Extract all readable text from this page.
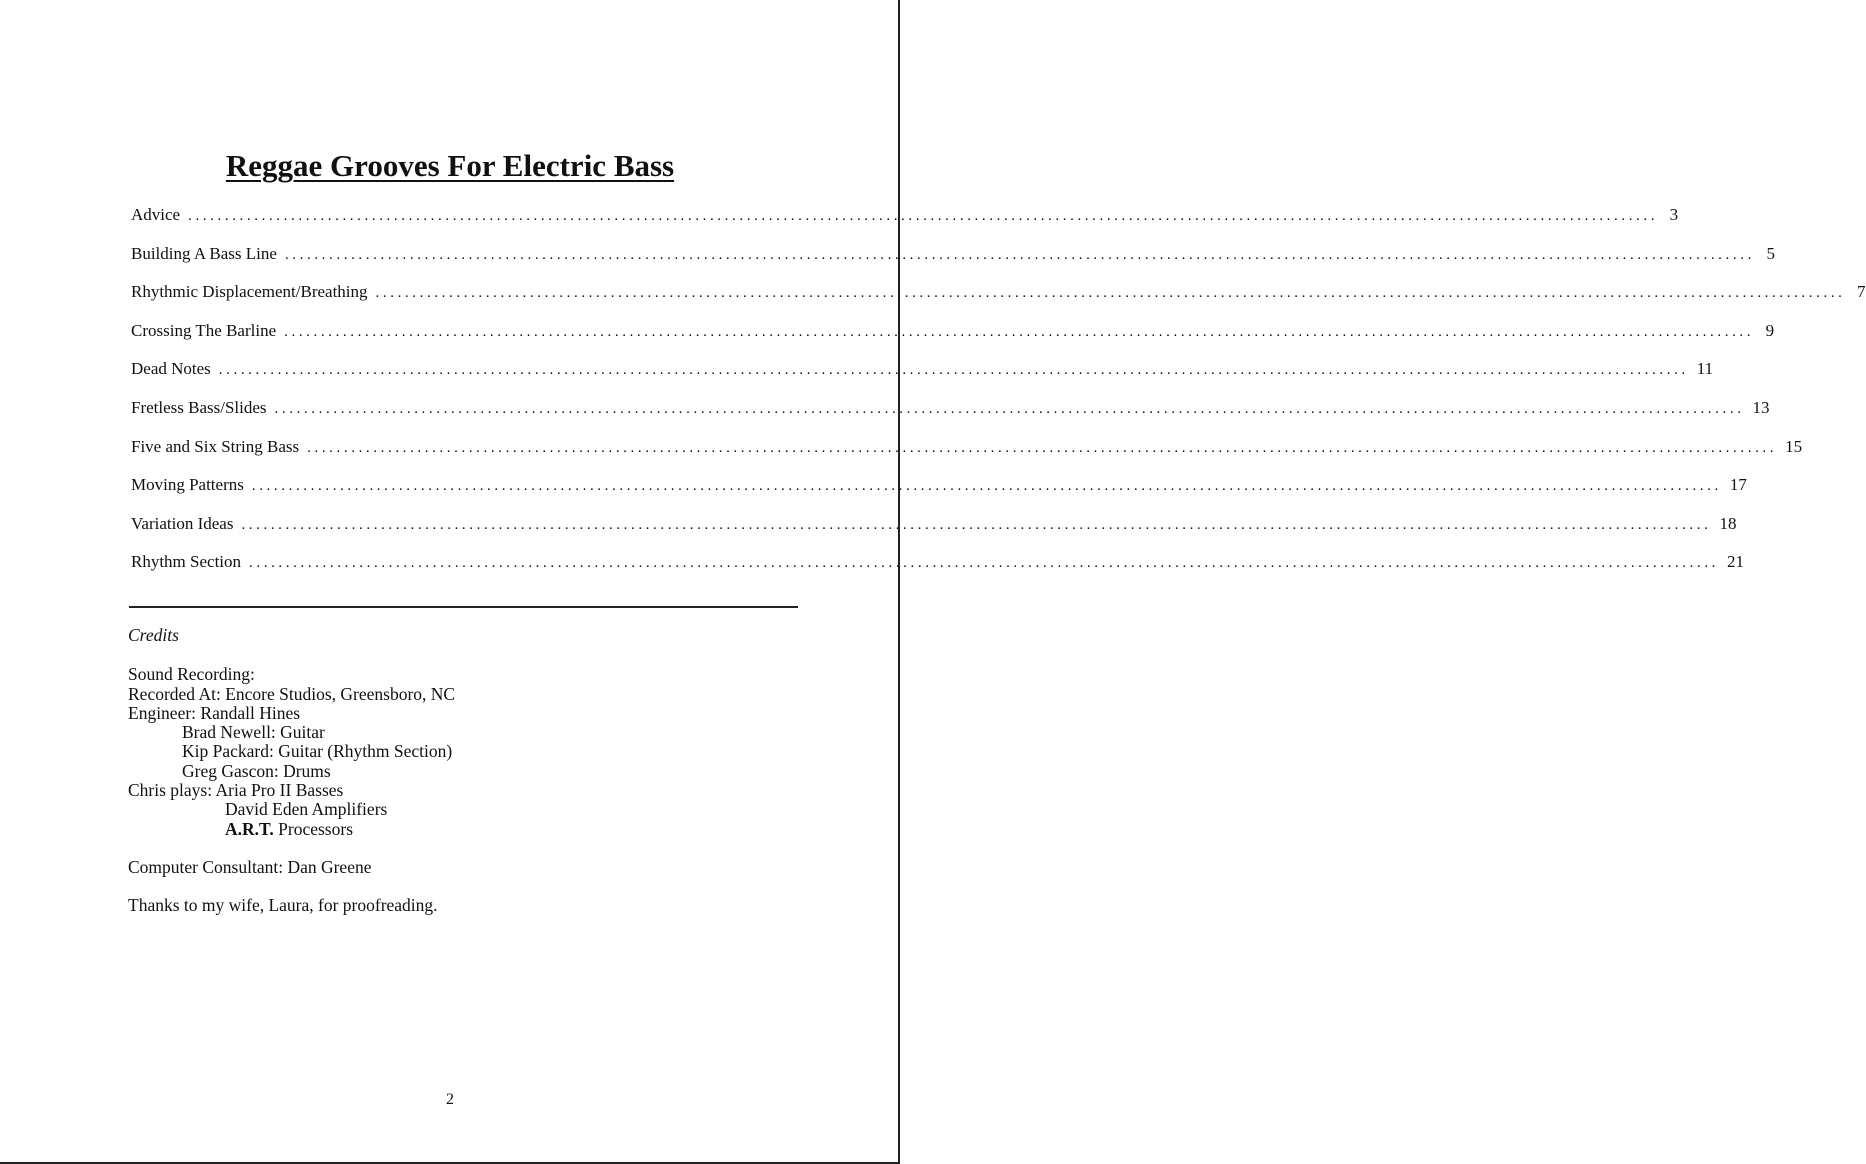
Reggae Grooves For Electric Bass
Advice ........................................................................................................................................................................................................ 3
Building A Bass Line ........................................................................................................................................................................................................ 5
Rhythmic Displacement/Breathing ........................................................................................................................................................................................................ 7
Crossing The Barline ........................................................................................................................................................................................................ 9
Dead Notes ........................................................................................................................................................................................................ 11
Fretless Bass/Slides ........................................................................................................................................................................................................ 13
Five and Six String Bass ........................................................................................................................................................................................................ 15
Moving Patterns ........................................................................................................................................................................................................ 17
Variation Ideas ........................................................................................................................................................................................................ 18
Rhythm Section ........................................................................................................................................................................................................ 21
Credits
Sound Recording:
Recorded At: Encore Studios, Greensboro, NC
Engineer: Randall Hines
Brad Newell: Guitar
Kip Packard: Guitar (Rhythm Section)
Greg Gascon: Drums
Chris plays: Aria Pro II Basses
David Eden Amplifiers
A.R.T. Processors
Computer Consultant: Dan Greene
Thanks to my wife, Laura, for proofreading.
2
